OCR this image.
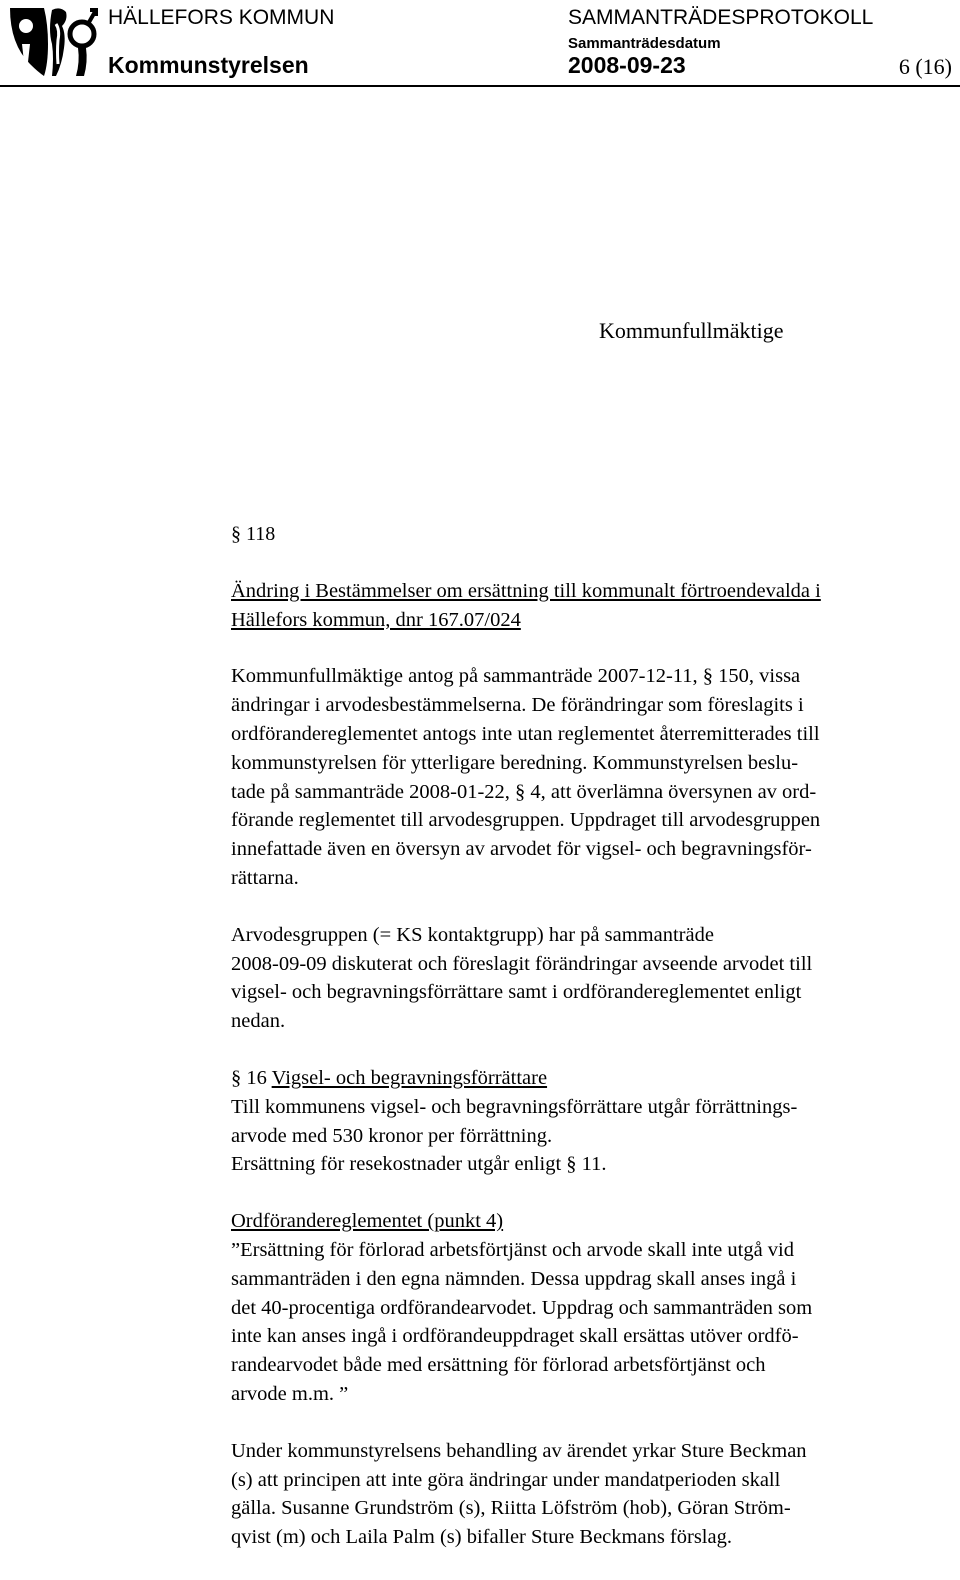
HÄLLEFORS KOMMUN
Kommunstyrelsen
SAMMANTRÄDESPROTOKOLL
Sammanträdesdatum
2008-09-23	6 (16)
Kommunfullmäktige

§ 118

Ändring i Bestämmelser om ersättning till kommunalt förtroendevalda i
Hällefors kommun, dnr 167.07/024

Kommunfullmäktige antog på sammanträde 2007-12-11, § 150, vissa
ändringar i arvodesbestämmelserna. De förändringar som föreslagits i
ordförandereglementet antogs inte utan reglementet återremitterades till
kommunstyrelsen för ytterligare beredning. Kommunstyrelsen beslu-
tade på sammanträde 2008-01-22, § 4, att överlämna översynen av ord-
förande reglementet till arvodesgruppen. Uppdraget till arvodesgruppen
innefattade även en översyn av arvodet för vigsel- och begravningsför-
rättarna.

Arvodesgruppen (= KS kontaktgrupp) har på sammanträde
2008-09-09 diskuterat och föreslagit förändringar avseende arvodet till
vigsel- och begravningsförrättare samt i ordförandereglementet enligt
nedan.

§ 16 Vigsel- och begravningsförrättare
Till kommunens vigsel- och begravningsförrättare utgår förrättnings-
arvode med 530 kronor per förrättning.
Ersättning för resekostnader utgår enligt § 11.

Ordförandereglementet (punkt 4)
”Ersättning för förlorad arbetsförtjänst och arvode skall inte utgå vid
sammanträden i den egna nämnden. Dessa uppdrag skall anses ingå i
det 40-procentiga ordförandearvodet. Uppdrag och sammanträden som
inte kan anses ingå i ordförandeuppdraget skall ersättas utöver ordfö-
randearvodet både med ersättning för förlorad arbetsförtjänst och
arvode m.m. ”

Under kommunstyrelsens behandling av ärendet yrkar Sture Beckman
(s) att principen att inte göra ändringar under mandatperioden skall
gälla. Susanne Grundström (s), Riitta Löfström (hob), Göran Ström-
qvist (m) och Laila Palm (s) bifaller Sture Beckmans förslag.
